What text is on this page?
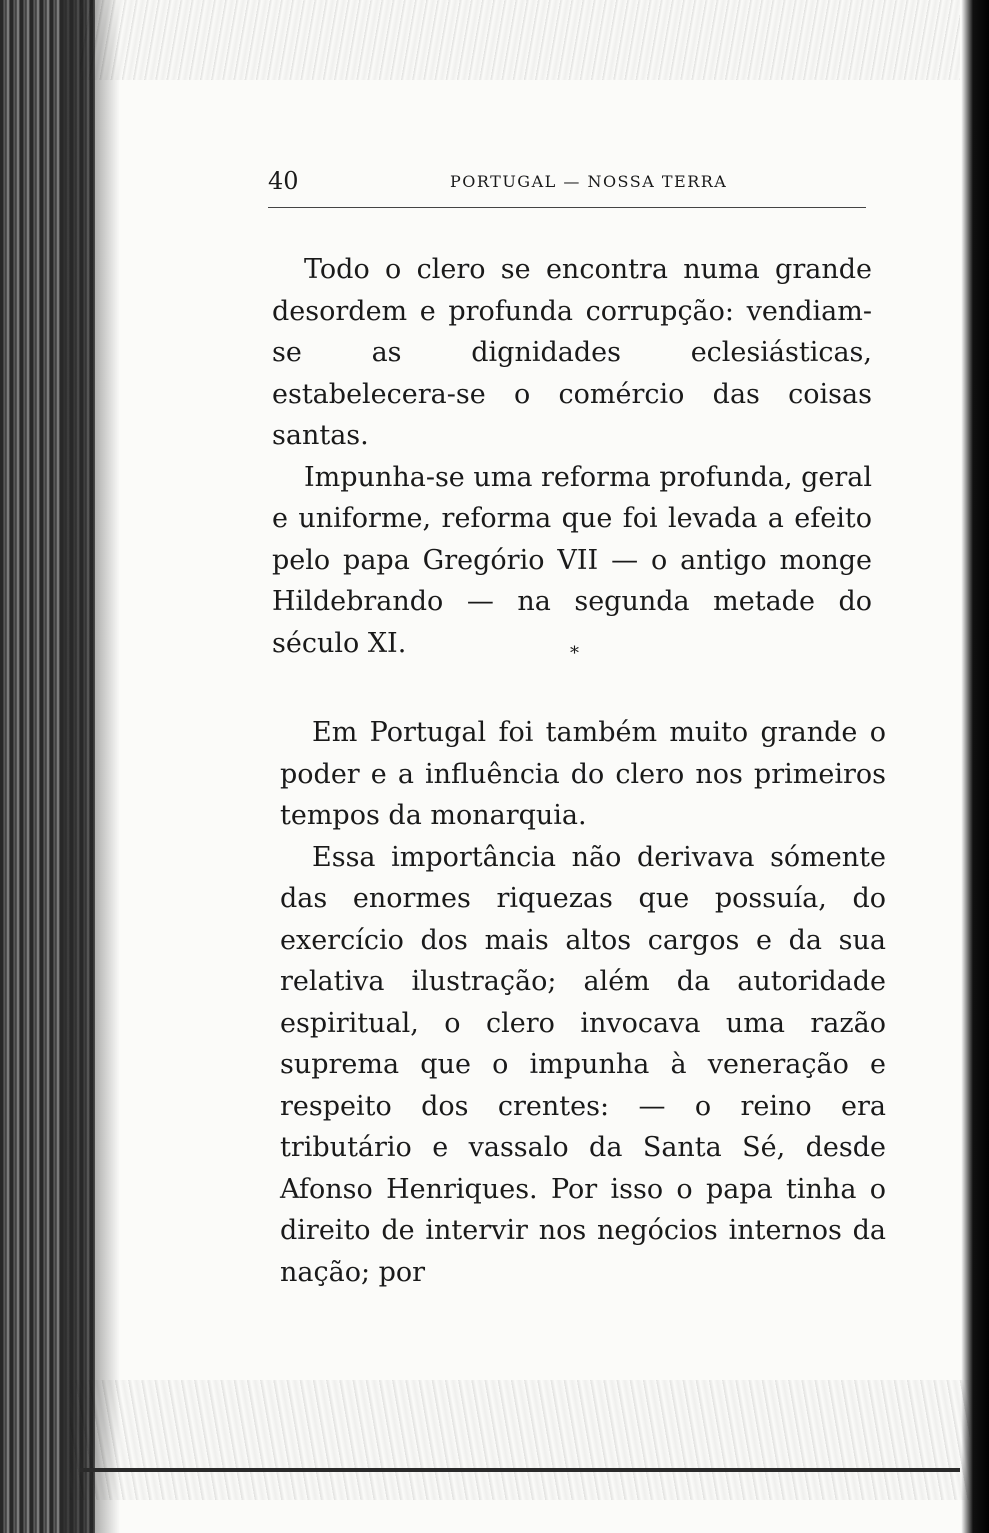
40	PORTUGAL — NOSSA TERRA

Todo o clero se encontra numa grande desordem e profunda corrupção: vendiam-se as dignidades eclesiásticas, estabelecera-se o comércio das coisas santas.

Impunha-se uma reforma profunda, geral e uniforme, reforma que foi levada a efeito pelo papa Gregório VII — o antigo monge Hildebrando — na segunda metade do século XI.	*

Em Portugal foi também muito grande o poder e a influência do clero nos primeiros tempos da monarquia.

Essa importância não derivava sómente das enormes riquezas que possuía, do exercício dos mais altos cargos e da sua relativa ilustração; além da autoridade espiritual, o clero invocava uma razão suprema que o impunha à veneração e respeito dos crentes: — o reino era tributário e vassalo da Santa Sé, desde Afonso Henriques. Por isso o papa tinha o direito de intervir nos negócios internos da nação; por
